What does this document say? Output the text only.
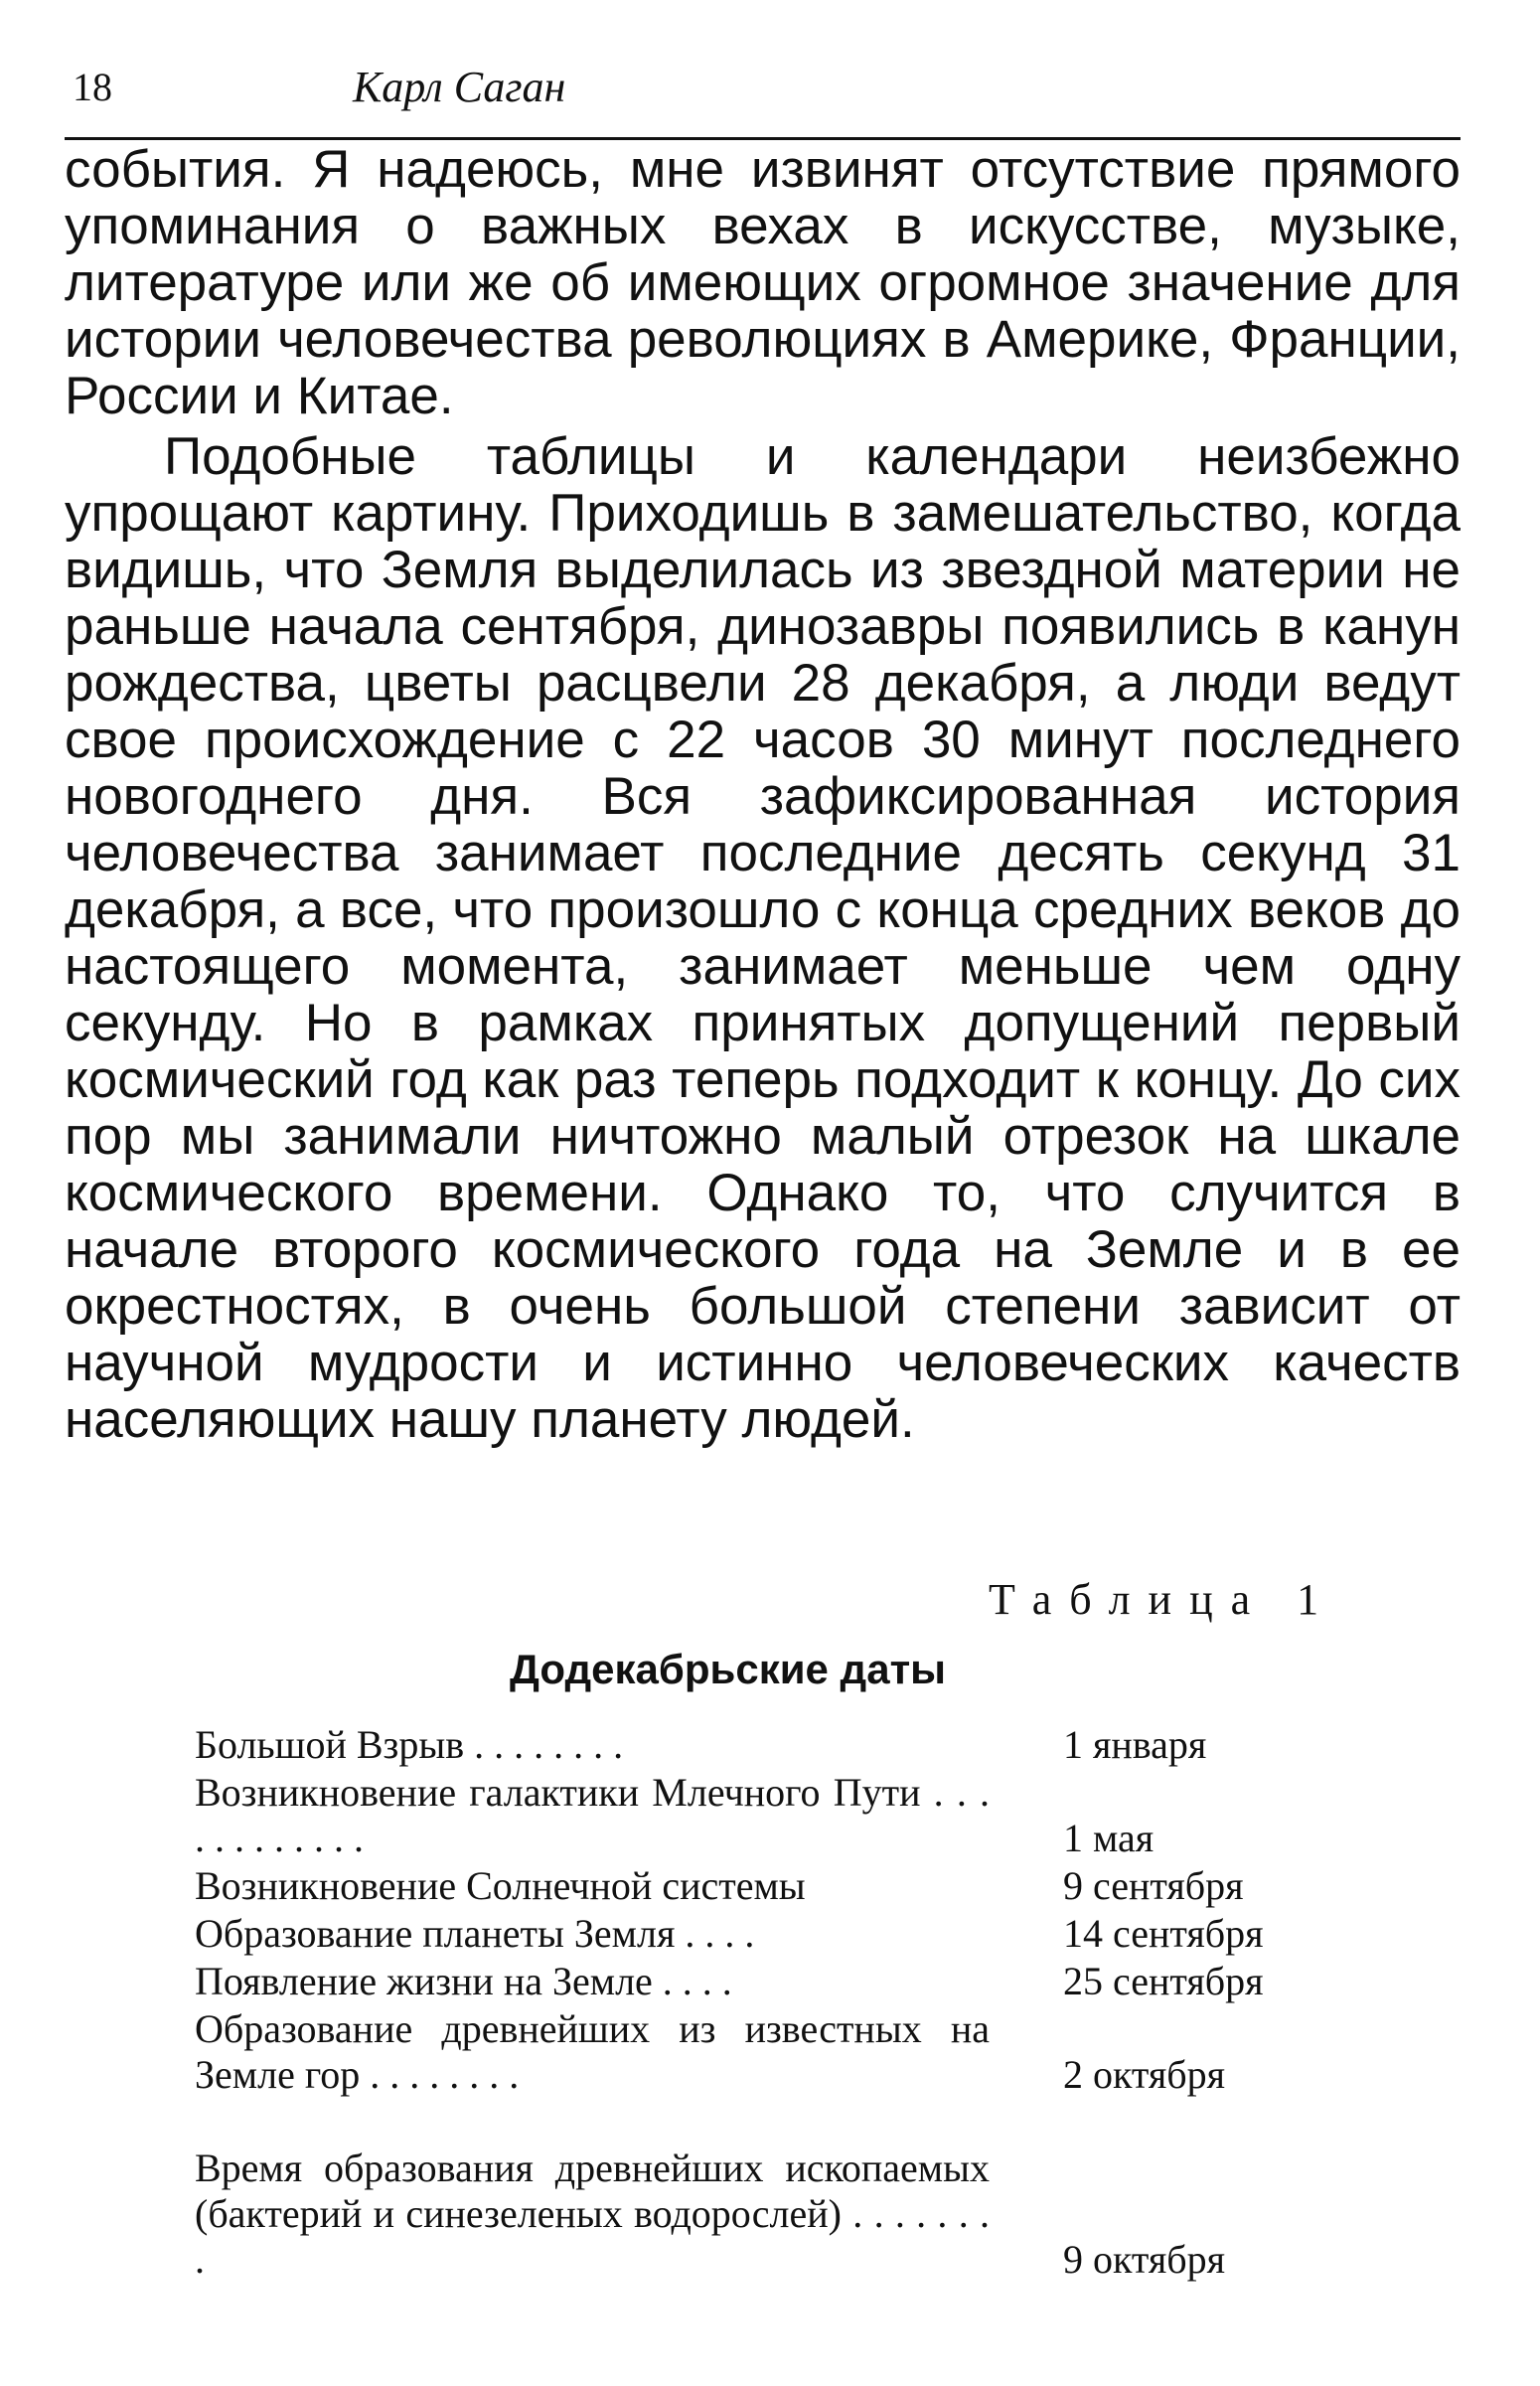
18	Карл Саган

события. Я надеюсь, мне извинят отсутствие прямого упоминания о важных вехах в искусстве, музыке, литературе или же об имеющих огромное значение для истории человечества революциях в Америке, Франции, России и Китае.

Подобные таблицы и календари неизбежно упрощают картину. Приходишь в замешательство, когда видишь, что Земля выделилась из звездной материи не раньше начала сентября, динозавры появились в канун рождества, цветы расцвели 28 декабря, а люди ведут свое происхождение с 22 часов 30 минут последнего новогоднего дня. Вся зафиксированная история человечества занимает последние десять секунд 31 декабря, а все, что произошло с конца средних веков до настоящего момента, занимает меньше чем одну секунду. Но в рамках принятых допущений первый космический год как раз теперь подходит к концу. До сих пор мы занимали ничтожно малый отрезок на шкале космического времени. Однако то, что случится в начале второго космического года на Земле и в ее окрестностях, в очень большой степени зависит от научной мудрости и истинно человеческих качеств населяющих нашу планету людей.

Таблица 1
Додекабрьские даты
Большой Взрыв . . . . . . . .	1 января
Возникновение галактики Млечного Пути . . . . . . . . . . . .	1 мая
Возникновение Солнечной системы	9 сентября
Образование планеты Земля . . . .	14 сентября
Появление жизни на Земле . . . .	25 сентября
Образование древнейших из известных на Земле гор . . . . . . . .	2 октября
Время образования древнейших ископаемых (бактерий и синезеленых водорослей) . . . . . . . .	9 октября
